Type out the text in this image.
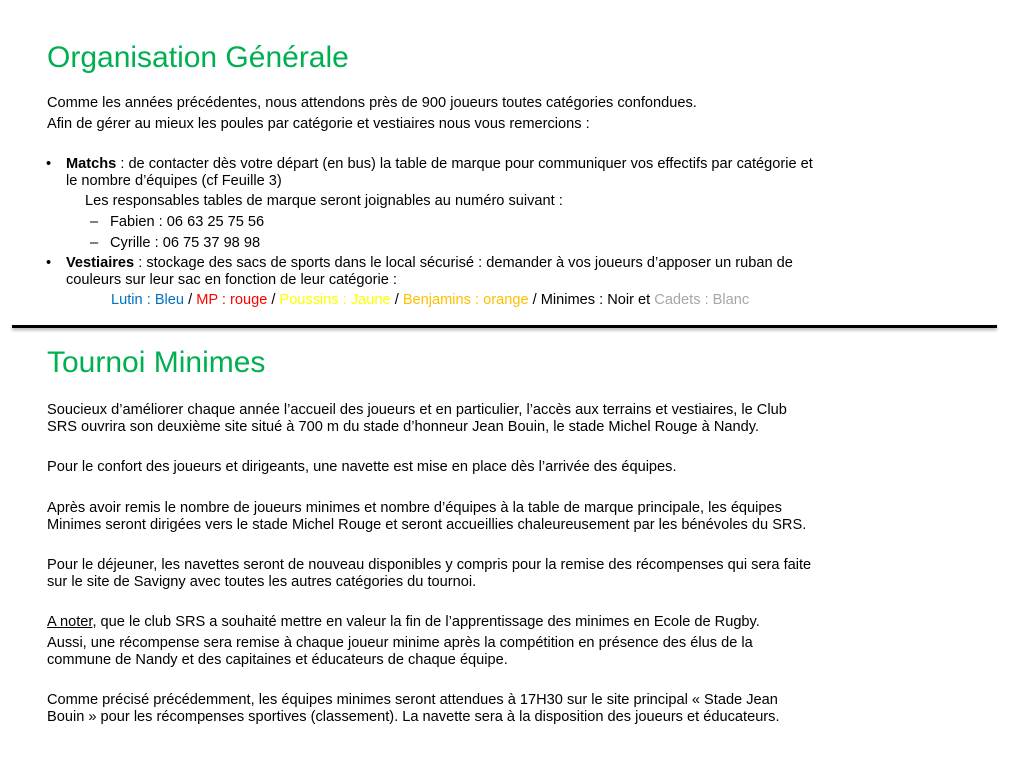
Organisation Générale

Comme les années précédentes, nous attendons près de 900 joueurs toutes catégories confondues.

Afin de gérer au mieux les poules par catégorie et vestiaires nous vous remercions :

• Matchs : de contacter dès votre départ (en bus) la table de marque pour communiquer vos effectifs par catégorie et

le nombre d’équipes (cf Feuille 3)

Les responsables tables de marque seront joignables au numéro suivant :

– Fabien : 06 63 25 75 56
– Cyrille : 06 75 37 98 98
• Vestiaires : stockage des sacs de sports dans le local sécurisé : demander à vos joueurs d’apposer un ruban de

couleurs sur leur sac en fonction de leur catégorie :

Lutin : Bleu / MP : rouge / Poussins : Jaune / Benjamins : orange / Minimes : Noir et Cadets : Blanc
Tournoi Minimes

Soucieux d’améliorer chaque année l’accueil des joueurs et en particulier, l’accès aux terrains et vestiaires, le Club

SRS ouvrira son deuxième site situé à 700 m du stade d’honneur Jean Bouin, le stade Michel Rouge à Nandy.

Pour le confort des joueurs et dirigeants, une navette est mise en place dès l’arrivée des équipes.

Après avoir remis le nombre de joueurs minimes et nombre d’équipes à la table de marque principale, les équipes

Minimes seront dirigées vers le stade Michel Rouge et seront accueillies chaleureusement par les bénévoles du SRS.

Pour le déjeuner, les navettes seront de nouveau disponibles y compris pour la remise des récompenses qui sera faite

sur le site de Savigny avec toutes les autres catégories du tournoi.

A noter, que le club SRS a souhaité mettre en valeur la fin de l’apprentissage des minimes en Ecole de Rugby.

Aussi, une récompense sera remise à chaque joueur minime après la compétition en présence des élus de la

commune de Nandy et des capitaines et éducateurs de chaque équipe.

Comme précisé précédemment, les équipes minimes seront attendues à 17H30 sur le site principal « Stade Jean

Bouin » pour les récompenses sportives (classement). La navette sera à la disposition des joueurs et éducateurs.
